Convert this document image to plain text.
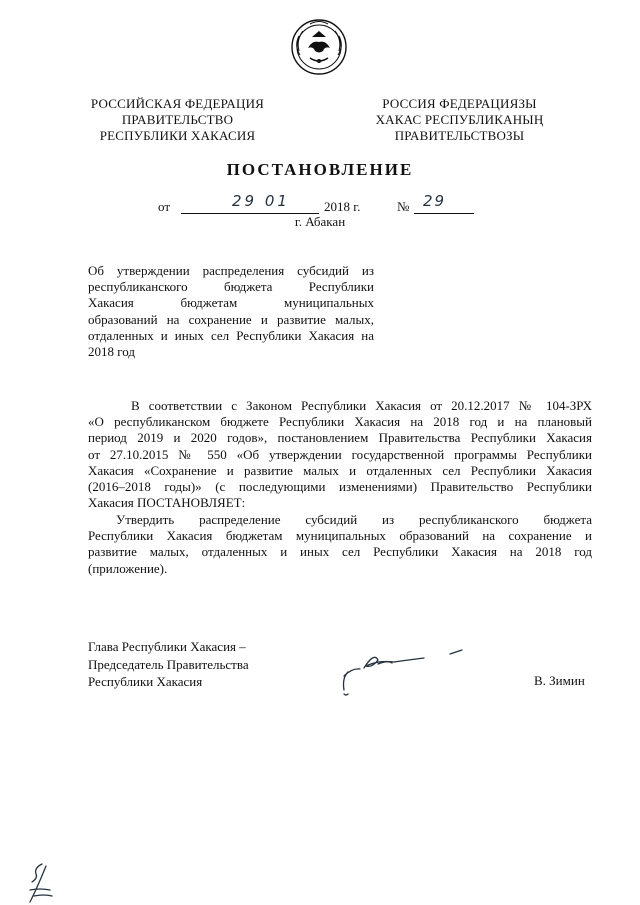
РОССИЙСКАЯ ФЕДЕРАЦИЯ
ПРАВИТЕЛЬСТВО
РЕСПУБЛИКИ ХАКАСИЯ
РОССИЯ ФЕДЕРАЦИЯЗЫ
ХАКАС РЕСПУБЛИКАНЫҢ
ПРАВИТЕЛЬСТВОЗЫ
ПОСТАНОВЛЕНИЕ
от	29 01	2018 г.	№ 29
г. Абакан
Об утверждении распределения субсидий из
республиканского бюджета Республики
Хакасия бюджетам муниципальных
образований на сохранение и развитие малых,
отдаленных и иных сел Республики Хакасия на
2018 год
В соответствии с Законом Республики Хакасия от 20.12.2017 № 104-ЗРХ
«О республиканском бюджете Республики Хакасия на 2018 год и на плановый
период 2019 и 2020 годов», постановлением Правительства Республики Хакасия
от 27.10.2015 № 550 «Об утверждении государственной программы Республики
Хакасия «Сохранение и развитие малых и отдаленных сел Республики Хакасия
(2016–2018 годы)» (с последующими изменениями) Правительство Республики
Хакасия ПОСТАНОВЛЯЕТ:
Утвердить распределение субсидий из республиканского бюджета
Республики Хакасия бюджетам муниципальных образований на сохранение и
развитие малых, отдаленных и иных сел Республики Хакасия на 2018 год
(приложение).
Глава Республики Хакасия –
Председатель Правительства
Республики Хакасия	В. Зимин
